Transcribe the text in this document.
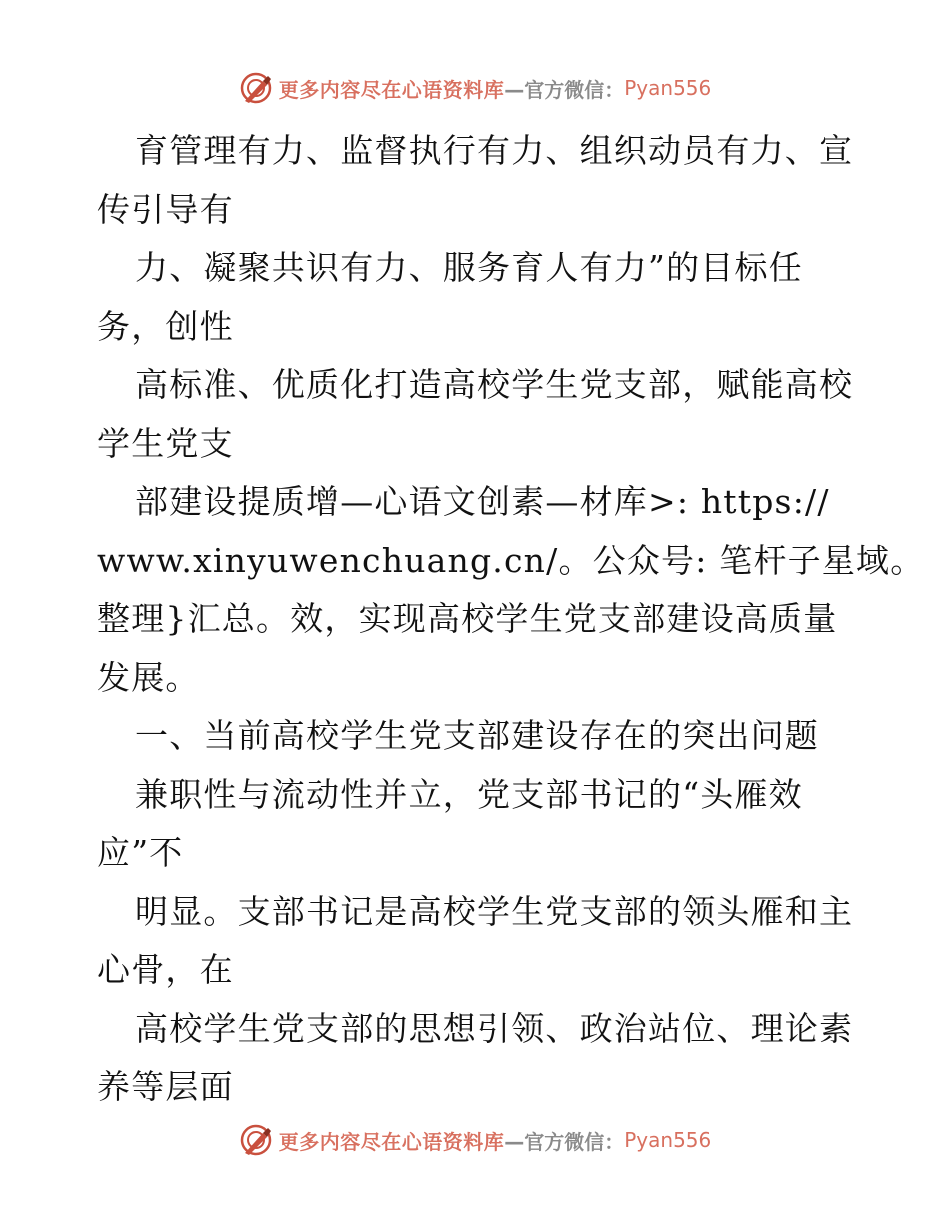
更多内容尽在心语资料库 —官方微信： Pyan556
育管理有力、监督执行有力、组织动员有力、宣
传引导有
力、凝聚共识有力、服务育人有力”的目标任
务，创性
高标准、优质化打造高校学生党支部，赋能高校
学生党支
部建设提质增—心语文创素—材库>: https://
www.xinyuwenchuang.cn/。公众号: 笔杆子星域。
整理}汇总。效，实现高校学生党支部建设高质量
发展。
一、当前高校学生党支部建设存在的突出问题
兼职性与流动性并立，党支部书记的“头雁效
应”不
明显。支部书记是高校学生党支部的领头雁和主
心骨，在
高校学生党支部的思想引领、政治站位、理论素
养等层面
更多内容尽在心语资料库 —官方微信： Pyan556
